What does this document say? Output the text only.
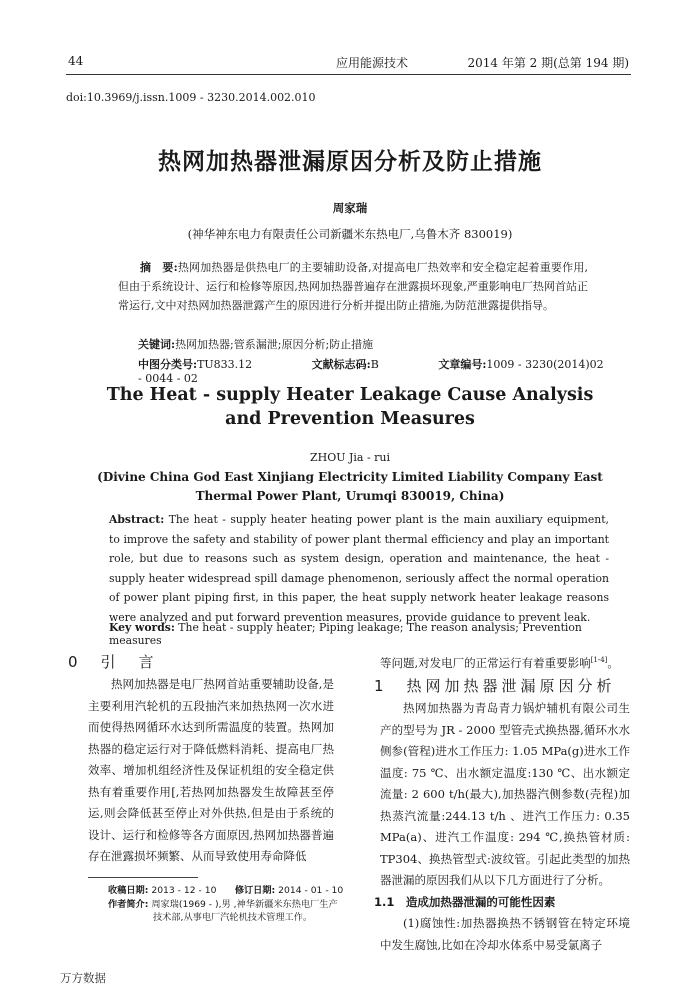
44	应用能源技术	2014 年第 2 期(总第 194 期)
doi:10.3969/j.issn.1009 - 3230.2014.002.010
热网加热器泄漏原因分析及防止措施
周家瑞
(神华神东电力有限责任公司新疆米东热电厂,乌鲁木齐 830019)
摘　要:热网加热器是供热电厂的主要辅助设备,对提高电厂热效率和安全稳定起着重要作用,但由于系统设计、运行和检修等原因,热网加热器普遍存在泄露损坏现象,严重影响电厂热网首站正常运行,文中对热网加热器泄露产生的原因进行分析并提出防止措施,为防范泄露提供指导。
关键词:热网加热器;管系漏泄;原因分析;防止措施
中图分类号:TU833.12	文献标志码:B	文章编号:1009 - 3230(2014)02 - 0044 - 02
The Heat - supply Heater Leakage Cause Analysis
and Prevention Measures
ZHOU Jia - rui
(Divine China God East Xinjiang Electricity Limited Liability Company East
Thermal Power Plant, Urumqi 830019, China)
Abstract: The heat - supply heater heating power plant is the main auxiliary equipment, to improve the safety and stability of power plant thermal efficiency and play an important role, but due to reasons such as system design, operation and maintenance, the heat - supply heater widespread spill damage phenomenon, seriously affect the normal operation of power plant piping first, in this paper, the heat supply network heater leakage reasons were analyzed and put forward prevention measures, provide guidance to prevent leak.
Key words: The heat - supply heater; Piping leakage; The reason analysis; Prevention measures
0　引　言
热网加热器是电厂热网首站重要辅助设备,是主要利用汽轮机的五段抽汽来加热热网一次水进而使得热网循环水达到所需温度的装置。热网加热器的稳定运行对于降低燃料消耗、提高电厂热效率、增加机组经济性及保证机组的安全稳定供热有着重要作用[,若热网加热器发生故障甚至停运,则会降低甚至停止对外供热,但是由于系统的设计、运行和检修等各方面原因,热网加热器普遍存在泄露损坏频繁、从而导致使用寿命降低
等问题,对发电厂的正常运行有着重要影响[1-4]。
1　热网加热器泄漏原因分析
热网加热器为青岛青力锅炉辅机有限公司生产的型号为 JR - 2000 型管壳式换热器,循环水水侧参(管程)进水工作压力: 1.05 MPa(g)进水工作温度: 75 ℃、出水额定温度:130 ℃、出水额定流量: 2 600 t/h(最大),加热器汽侧参数(壳程)加热蒸汽流量:244.13 t/h 、进汽工作压力: 0.35 MPa(a)、进汽工作温度: 294 ℃,换热管材质: TP304、换热管型式:波纹管。引起此类型的加热器泄漏的原因我们从以下几方面进行了分析。
1.1　造成加热器泄漏的可能性因素
(1)腐蚀性:加热器换热不锈钢管在特定环境中发生腐蚀,比如在冷却水体系中易受氯离子
收稿日期: 2013 - 12 - 10　　 修订日期: 2014 - 01 - 10
作者简介: 周家瑞(1969 - ),男 ,神华新疆米东热电厂生产
技术部,从事电厂汽轮机技术管理工作。
万方数据
